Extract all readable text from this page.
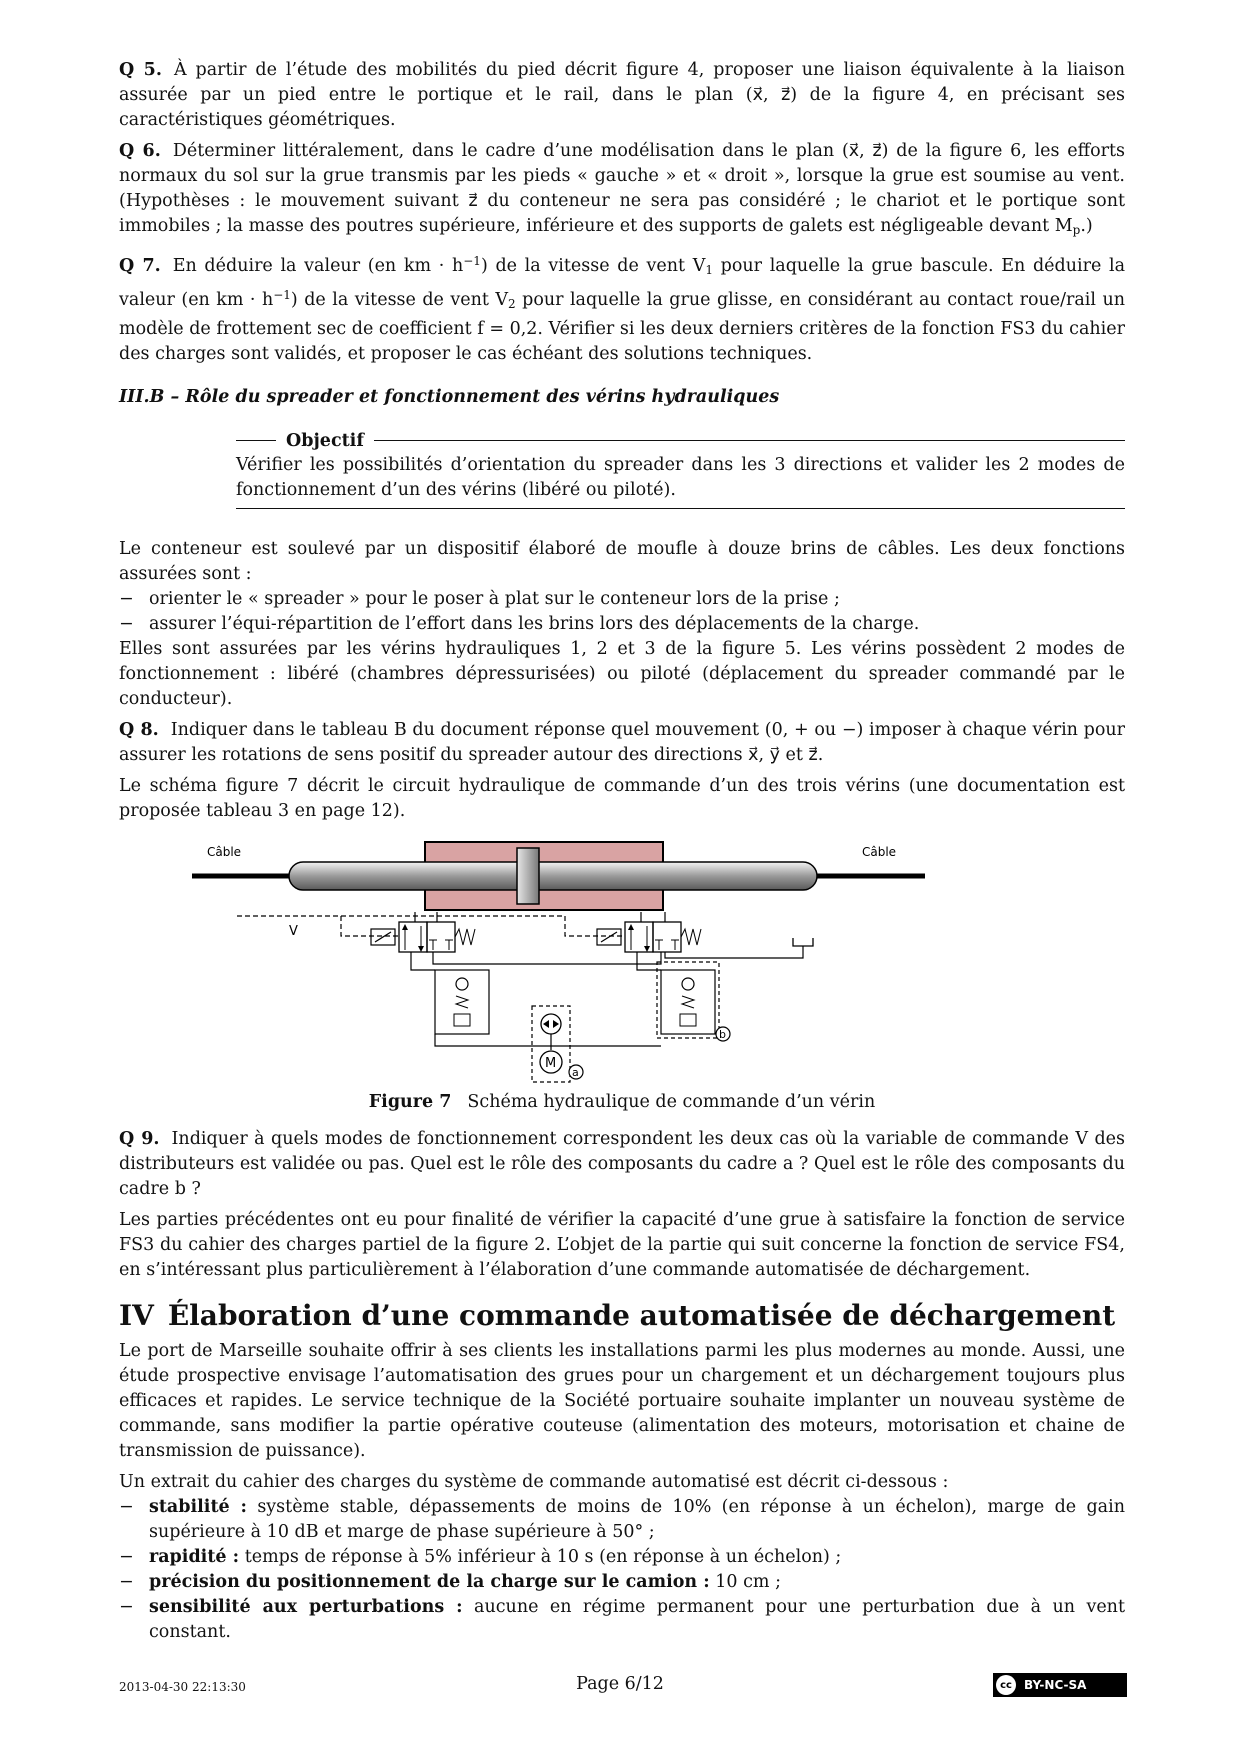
Q 5. À partir de l’étude des mobilités du pied décrit figure 4, proposer une liaison équivalente à la liaison assurée par un pied entre le portique et le rail, dans le plan (x⃗, z⃗) de la figure 4, en précisant ses caractéristiques géométriques.

Q 6. Déterminer littéralement, dans le cadre d’une modélisation dans le plan (x⃗, z⃗) de la figure 6, les efforts normaux du sol sur la grue transmis par les pieds « gauche » et « droit », lorsque la grue est soumise au vent. (Hypothèses : le mouvement suivant z⃗ du conteneur ne sera pas considéré ; le chariot et le portique sont immobiles ; la masse des poutres supérieure, inférieure et des supports de galets est négligeable devant $M_p$.)

Q 7. En déduire la valeur (en km · $h^{-1}$) de la vitesse de vent $V_1$ pour laquelle la grue bascule. En déduire la valeur (en km · $h^{-1}$) de la vitesse de vent $V_2$ pour laquelle la grue glisse, en considérant au contact roue/rail un modèle de frottement sec de coefficient f = 0,2. Vérifier si les deux derniers critères de la fonction FS3 du cahier des charges sont validés, et proposer le cas échéant des solutions techniques.

III.B – Rôle du spreader et fonctionnement des vérins hydrauliques
Objectif
Vérifier les possibilités d’orientation du spreader dans les 3 directions et valider les 2 modes de fonctionnement d’un des vérins (libéré ou piloté).

Le conteneur est soulevé par un dispositif élaboré de moufle à douze brins de câbles. Les deux fonctions assurées sont :

− orienter le « spreader » pour le poser à plat sur le conteneur lors de la prise ;
− assurer l’équi-répartition de l’effort dans les brins lors des déplacements de la charge.

Elles sont assurées par les vérins hydrauliques 1, 2 et 3 de la figure 5. Les vérins possèdent 2 modes de fonctionnement : libéré (chambres dépressurisées) ou piloté (déplacement du spreader commandé par le conducteur).

Q 8. Indiquer dans le tableau B du document réponse quel mouvement (0, + ou −) imposer à chaque vérin pour assurer les rotations de sens positif du spreader autour des directions x⃗, y⃗ et z⃗.

Le schéma figure 7 décrit le circuit hydraulique de commande d’un des trois vérins (une documentation est proposée tableau 3 en page 12).

Câble	Câble
V
b
M
a
Figure 7 Schéma hydraulique de commande d’un vérin

Q 9. Indiquer à quels modes de fonctionnement correspondent les deux cas où la variable de commande V des distributeurs est validée ou pas. Quel est le rôle des composants du cadre a ? Quel est le rôle des composants du cadre b ?

Les parties précédentes ont eu pour finalité de vérifier la capacité d’une grue à satisfaire la fonction de service FS3 du cahier des charges partiel de la figure 2. L’objet de la partie qui suit concerne la fonction de service FS4, en s’intéressant plus particulièrement à l’élaboration d’une commande automatisée de déchargement.

IV Élaboration d’une commande automatisée de déchargement

Le port de Marseille souhaite offrir à ses clients les installations parmi les plus modernes au monde. Aussi, une étude prospective envisage l’automatisation des grues pour un chargement et un déchargement toujours plus efficaces et rapides. Le service technique de la Société portuaire souhaite implanter un nouveau système de commande, sans modifier la partie opérative couteuse (alimentation des moteurs, motorisation et chaine de transmission de puissance).

Un extrait du cahier des charges du système de commande automatisé est décrit ci-dessous :

− stabilité : système stable, dépassements de moins de 10% (en réponse à un échelon), marge de gain supérieure à 10 dB et marge de phase supérieure à 50° ;
− rapidité : temps de réponse à 5% inférieur à 10 s (en réponse à un échelon) ;
− précision du positionnement de la charge sur le camion : 10 cm ;
− sensibilité aux perturbations : aucune en régime permanent pour une perturbation due à un vent constant.
2013-04-30 22:13:30	Page 6/12	cc	BY-NC-SA
